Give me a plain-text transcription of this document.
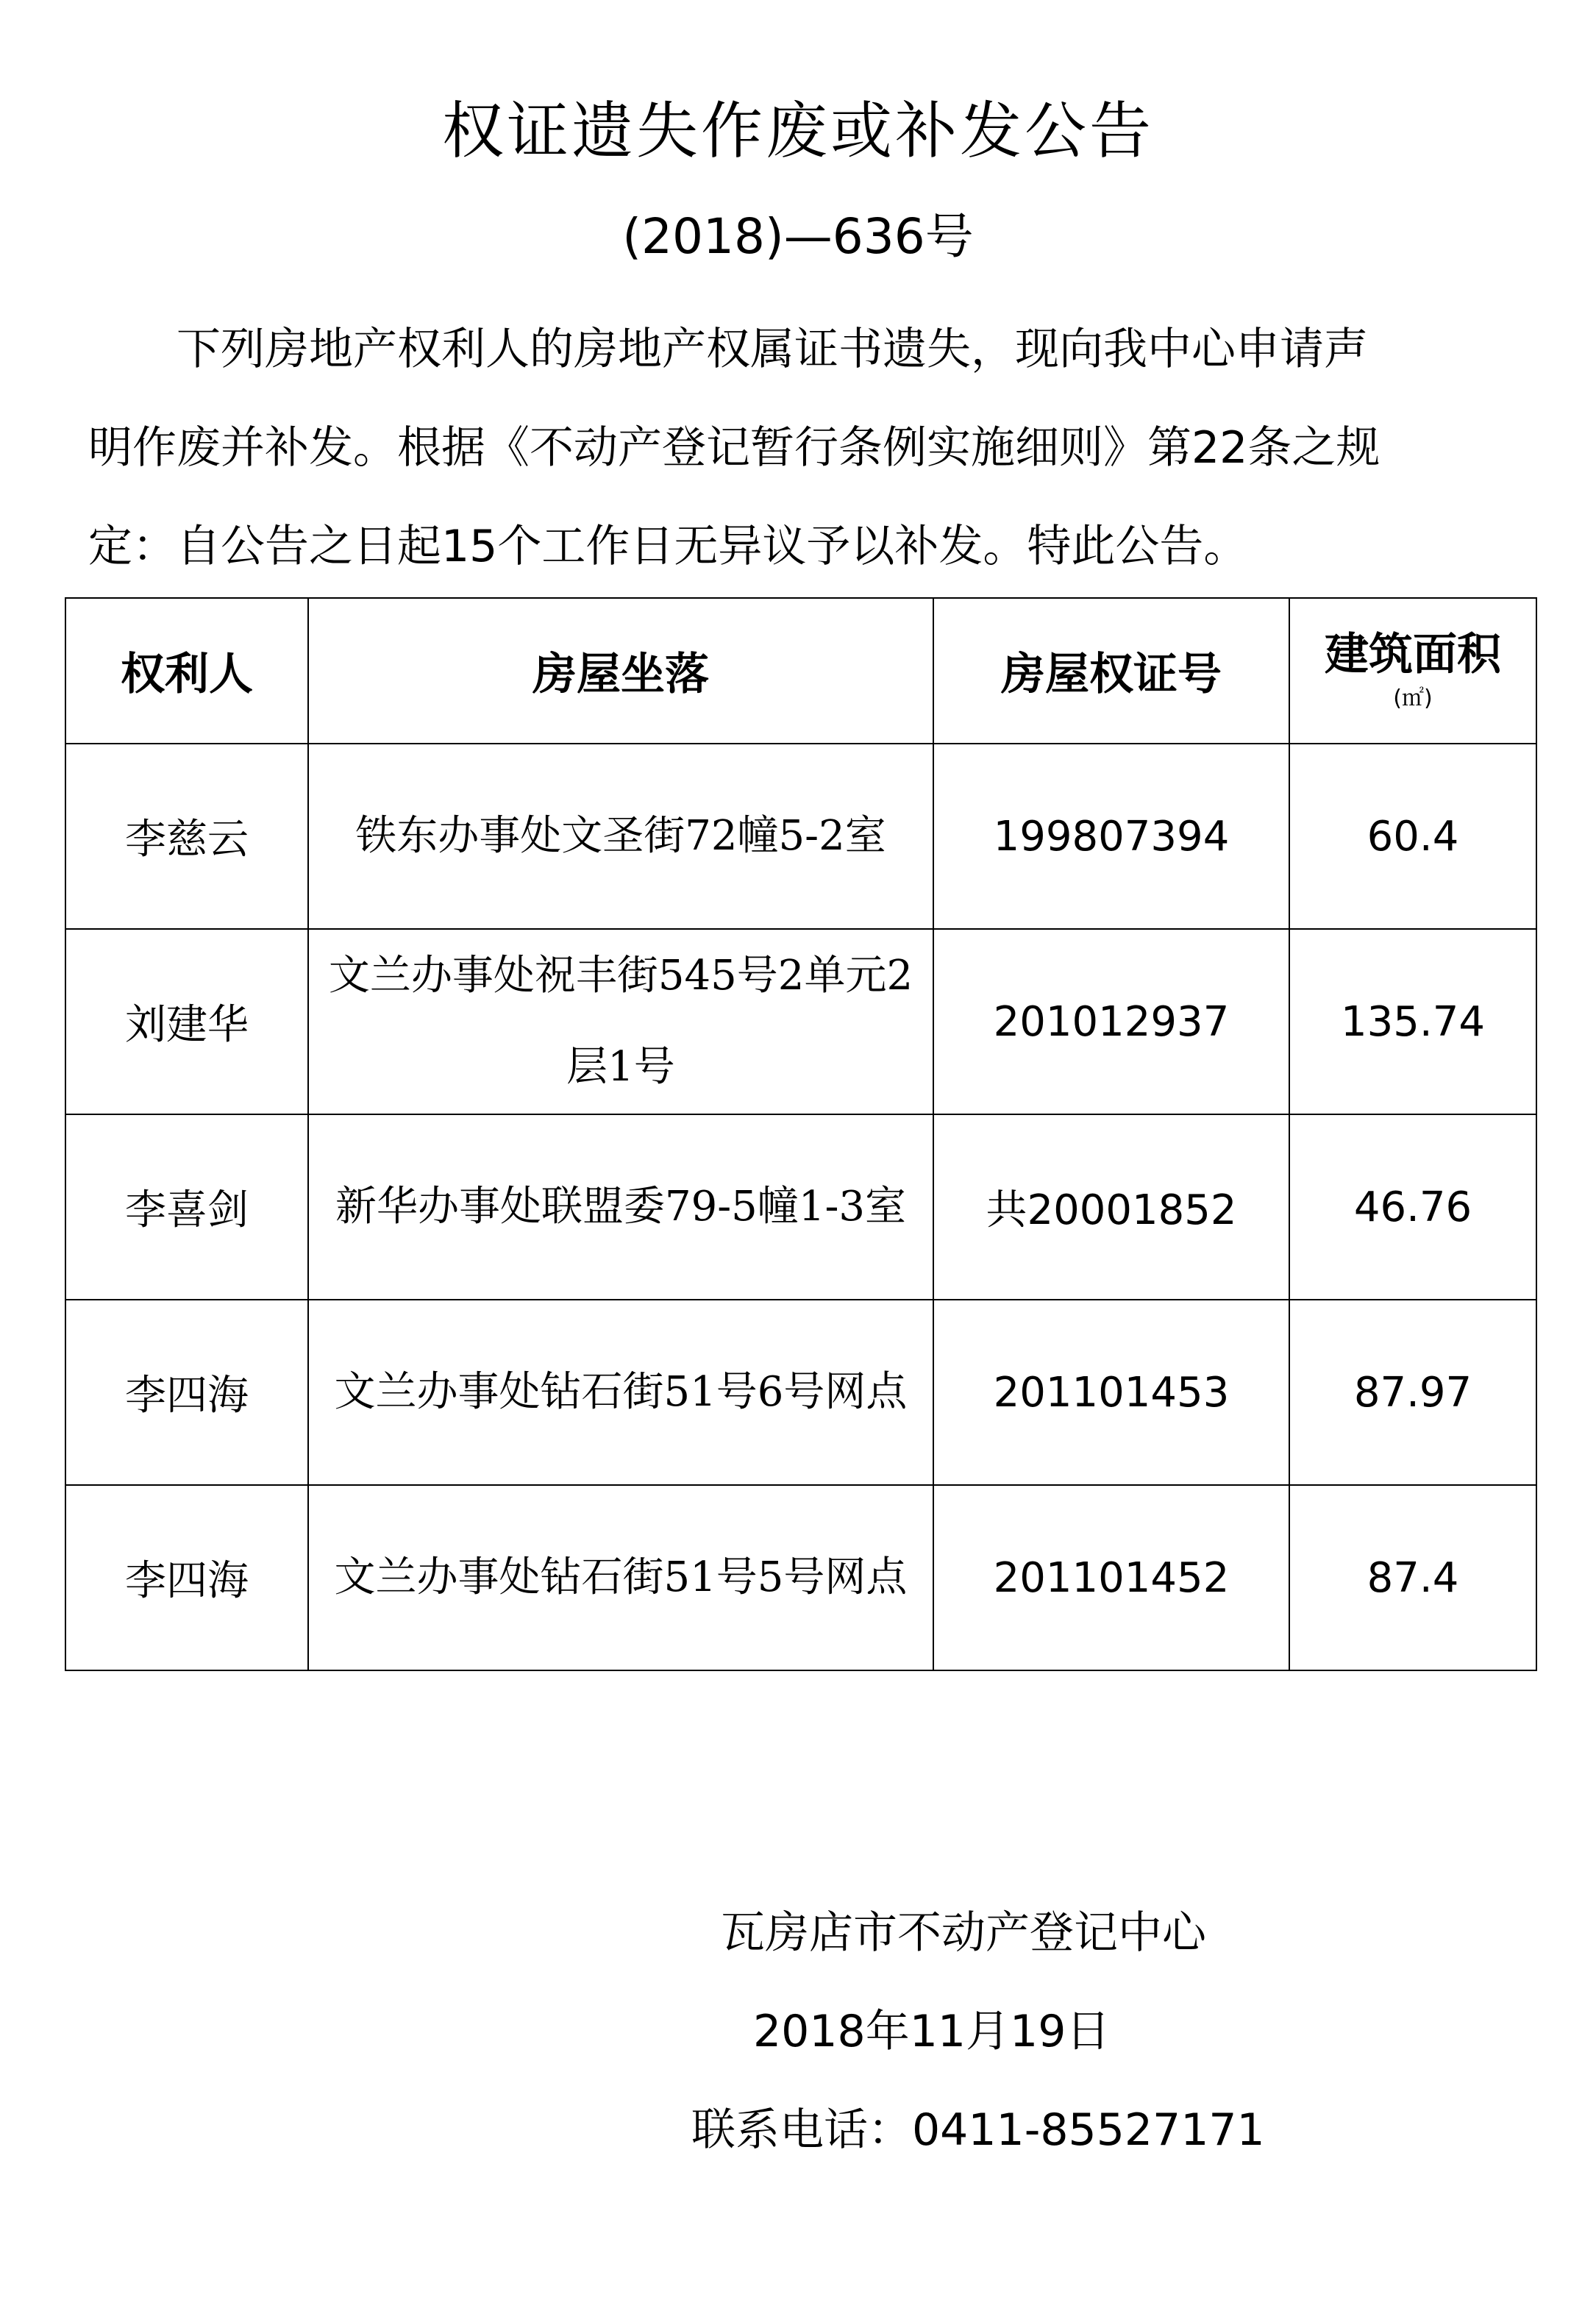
权证遗失作废或补发公告
(2018)—636号
下列房地产权利人的房地产权属证书遗失，现向我中心申请声
明作废并补发。根据《不动产登记暂行条例实施细则》第22条之规
定：自公告之日起15个工作日无异议予以补发。特此公告。
权利人	房屋坐落	房屋权证号	建筑面积
(㎡)

李慈云	铁东办事处文圣街72幢5-2室	199807394	60.4
刘建华	文兰办事处祝丰街545号2单元2层1号	201012937	135.74
李喜剑	新华办事处联盟委79-5幢1-3室	共20001852	46.76
李四海	文兰办事处钻石街51号6号网点	201101453	87.97
李四海	文兰办事处钻石街51号5号网点	201101452	87.4
瓦房店市不动产登记中心
2018年11月19日
联系电话：0411-85527171
